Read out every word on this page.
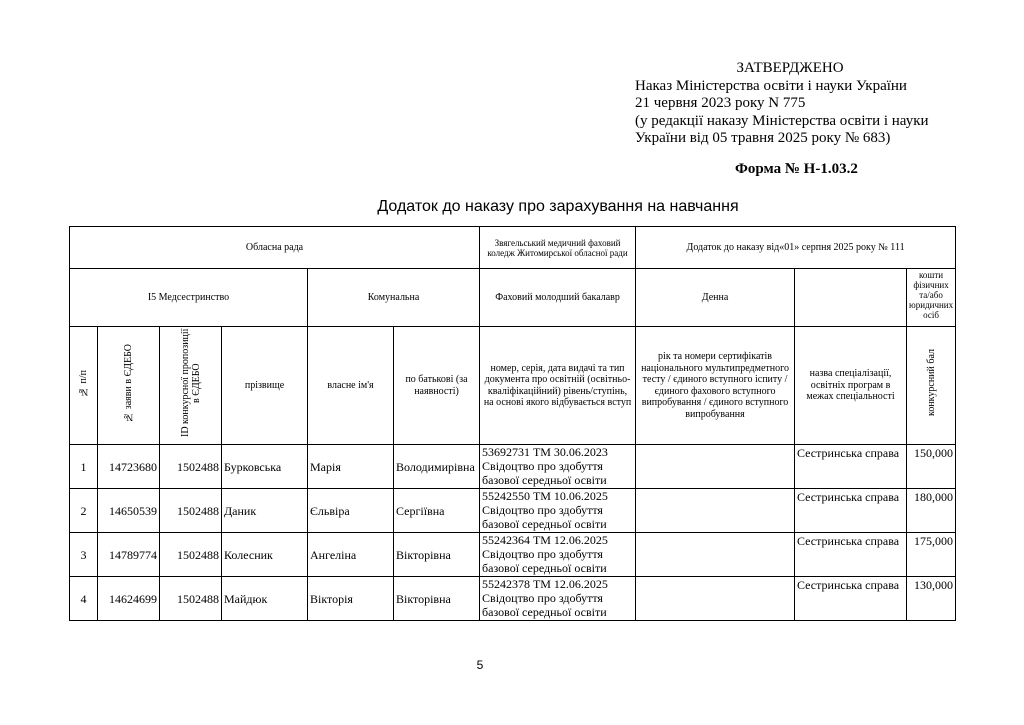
ЗАТВЕРДЖЕНО
Наказ Міністерства освіти і науки України
21 червня 2023 року N 775
(у редакції наказу Міністерства освіти і науки
України від 05 травня 2025 року № 683)
Форма № Н-1.03.2
Додаток до наказу про зарахування на навчання
Обласна рада						Звягельський медичний фаховий коледж Житомирської обласної ради	Додаток до наказу від«01» серпня 2025 року № 111		
І5 Медсестринство				Комунальна		Фаховий молодший бакалавр	Денна		кошти фізичних та/або юридичних осіб
№ п/п	№ заяви в ЄДЕБО	ID конкурсної пропозиції в ЄДЕБО	прізвище	власне ім'я	по батькові (за наявності)	номер, серія, дата видачі та тип документа про освітній (освітньо-кваліфікаційний) рівень/ступінь, на основі якого відбувається вступ	рік та номери сертифікатів національного мультипредметного тесту / єдиного вступного іспиту / єдиного фахового вступного випробування / єдиного вступного випробування	назва спеціалізації, освітніх програм в межах спеціальності	конкурсний бал
1	14723680	1502488	Бурковська	Марія	Володимирівна	53692731 ТМ 30.06.2023
Свідоцтво про здобуття
базової середньої освіти		Сестринська справа	150,000
2	14650539	1502488	Даник	Єльвіра	Сергіївна	55242550 ТМ 10.06.2025
Свідоцтво про здобуття
базової середньої освіти		Сестринська справа	180,000
3	14789774	1502488	Колесник	Ангеліна	Вікторівна	55242364 ТМ 12.06.2025
Свідоцтво про здобуття
базової середньої освіти		Сестринська справа	175,000
4	14624699	1502488	Майдюк	Вікторія	Вікторівна	55242378 ТМ 12.06.2025
Свідоцтво про здобуття
базової середньої освіти		Сестринська справа	130,000
5
